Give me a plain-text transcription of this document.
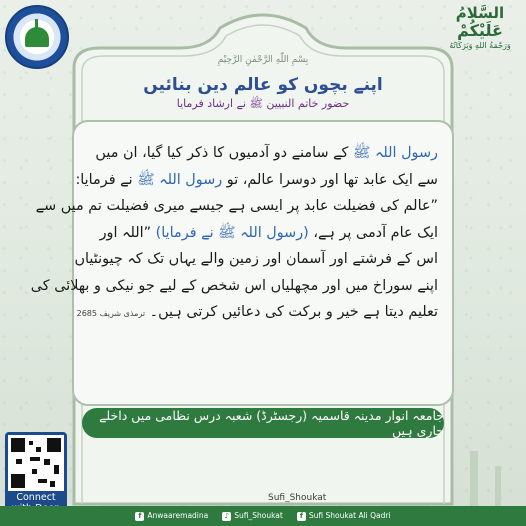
السَّلامُ
عَلَيْكُمْ
وَرَحْمَةُ اللهِ وَبَرَكَاتُهُ
بِسْمِ اللّٰهِ الرَّحْمٰنِ الرَّحِيْمِ
اپنے بچوں کو عالم دین بنائیں
حضور خاتم النبیین ﷺ نے ارشاد فرمایا
رسول اللہ ﷺ کے سامنے دو آدمیوں کا ذکر کیا گیا، ان میں
سے ایک عابد تھا اور دوسرا عالم، تو رسول اللہ ﷺ نے فرمایا:
”عالم کی فضیلت عابد پر ایسی ہے جیسے میری فضیلت تم میں سے
ایک عام آدمی پر ہے، (رسول اللہ ﷺ نے فرمایا) ”اللہ اور
اس کے فرشتے اور آسمان اور زمین والے یہاں تک کہ چیونٹیاں
اپنے سوراخ میں اور مچھلیاں اس شخص کے لیے جو نیکی و بھلائی کی
تعلیم دیتا ہے خیر و برکت کی دعائیں کرتی ہیں۔ ترمذی شریف 2685
جامعہ انوار مدینہ قاسمیہ (رجسٹرڈ) شعبہ درس نظامی میں داخلے جاری ہیں
Connect	Sufi_Shoukat
f Anwaaremadina	♪ Sufi_Shoukat	f Sufi Shoukat Ali Qadri
